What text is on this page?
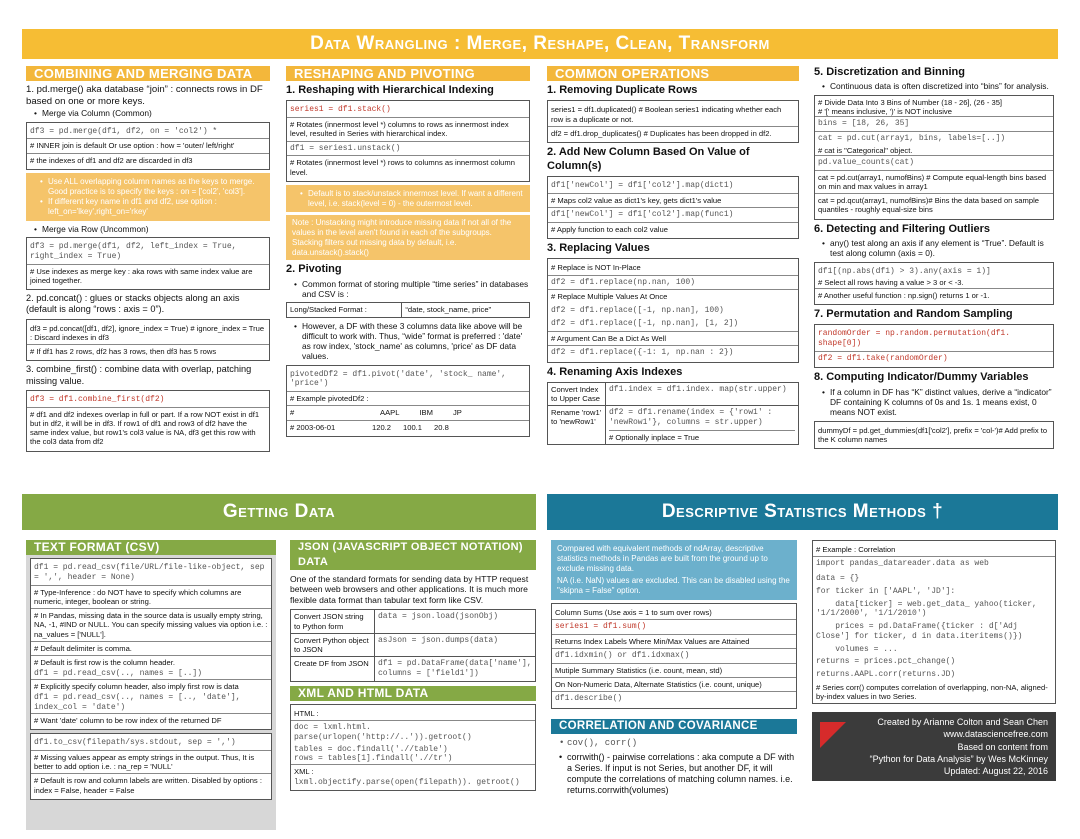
Data Wrangling : Merge, Reshape, Clean, Transform
COMBINING AND MERGING DATA

1. pd.merge() aka database “join” : connects rows in DF based on one or more keys.

• Merge via Column (Common)
df3 = pd.merge(df1, df2, on = 'col2') *
# INNER join is default Or use option : how = 'outer/ left/right'
# the indexes of df1 and df2 are discarded in df3
• Use ALL overlapping column names as the keys to merge. Good practice is to specify the keys : on = ['col2', 'col3'].
• If different key name in df1 and df2, use option : left_on='lkey',right_on='rkey'
• Merge via Row (Uncommon)
df3 = pd.merge(df1, df2, left_index = True, right_index = True)
# Use indexes as merge key : aka rows with same index value are joined together.

2. pd.concat() : glues or stacks objects along an axis (default is along “rows : axis = 0”).

df3 = pd.concat([df1, df2], ignore_index = True) # ignore_index = True : Discard indexes in df3
# If df1 has 2 rows, df2 has 3 rows, then df3 has 5 rows

3. combine_first() : combine data with overlap, patching missing value.

df3 = df1.combine_first(df2)
# df1 and df2 indexes overlap in full or part. If a row NOT exist in df1 but in df2, it will be in df3. If row1 of df1 and row3 of df2 have the same index value, but row1's col3 value is NA, df3 get this row with the col3 data from df2
RESHAPING AND PIVOTING
1. Reshaping with Hierarchical Indexing
series1 = df1.stack()
# Rotates (innermost level *) columns to rows as innermost index level, resulted in Series with hierarchical index.
df1 = series1.unstack()
# Rotates (innermost level *) rows to columns as innermost column level.
• Default is to stack/unstack innermost level. If want a different level, i.e. stack(level = 0) - the outermost level.
Note : Unstacking might introduce missing data if not all of the values in the level aren't found in each of the subgroups. Stacking filters out missing data by default, i.e. data.unstack().stack()
2. Pivoting
• Common format of storing multiple “time series” in databases and CSV is :
Long/Stacked Format :	“date, stock_name, price”
• However, a DF with these 3 columns data like above will be difficult to work with. Thus, “wide” format is preferred : 'date' as row index, 'stock_name' as columns, 'price' as DF data values.
pivotedDf2 = df1.pivot('date', 'stock_ name', 'price')
# Example pivotedDf2 :
#	AAPL	IBM	JP
# 2003-06-01	120.2 100.1 20.8
COMMON OPERATIONS
1. Removing Duplicate Rows
series1 = df1.duplicated() # Boolean series1 indicating whether each row is a duplicate or not.
df2 = df1.drop_duplicates() # Duplicates has been dropped in df2.
2. Add New Column Based On Value of Column(s)
df1['newCol'] = df1['col2'].map(dict1)
# Maps col2 value as dict1's key, gets dict1's value
df1['newCol'] = df1['col2'].map(func1)
# Apply function to each col2 value
3. Replacing Values
# Replace is NOT In-Place
df2 = df1.replace(np.nan, 100)
# Replace Multiple Values At Once
df2 = df1.replace([-1, np.nan], 100)
df2 = df1.replace([-1, np.nan], [1, 2])
# Argument Can Be a Dict As Well
df2 = df1.replace({-1: 1, np.nan : 2})
4. Renaming Axis Indexes
Convert Index to Upper Case	df1.index = df1.index. map(str.upper)
Rename 'row1' to 'newRow1'	df2 = df1.rename(index = {'row1' : 'newRow1'}, columns = str.upper)
# Optionally inplace = True
5. Discretization and Binning
• Continuous data is often discretized into “bins” for analysis.
# Divide Data Into 3 Bins of Number (18 - 26], (26 - 35]
# '[' means inclusive, ')' is NOT inclusive
bins = [18, 26, 35]
cat = pd.cut(array1, bins, labels=[..])
# cat is "Categorical" object.
pd.value_counts(cat)
cat = pd.cut(array1, numofBins) # Compute equal-length bins based on min and max values in array1
cat = pd.qcut(array1, numofBins)# Bins the data based on sample quantiles - roughly equal-size bins
6. Detecting and Filtering Outliers
• any() test along an axis if any element is “True”. Default is test along column (axis = 0).
df1[(np.abs(df1) > 3).any(axis = 1)]
# Select all rows having a value > 3 or < -3.
# Another useful function : np.sign() returns 1 or -1.
7. Permutation and Random Sampling
randomOrder = np.random.permutation(df1. shape[0])
df2 = df1.take(randomOrder)
8. Computing Indicator/Dummy Variables
• If a column in DF has “K” distinct values, derive a “indicator” DF containing K columns of 0s and 1s. 1 means exist, 0 means NOT exist.
dummyDf = pd.get_dummies(df1['col2'], prefix = 'col-')# Add prefix to the K column names
Getting Data
TEXT FORMAT (CSV)
df1 = pd.read_csv(file/URL/file-like-object, sep = ',', header = None)
# Type-Inference : do NOT have to specify which columns are numeric, integer, boolean or string.
# In Pandas, missing data in the source data is usually empty string, NA, -1, #IND or NULL. You can specify missing values via option i.e. : na_values = ['NULL'].
# Default delimiter is comma.
# Default is first row is the column header.
df1 = pd.read_csv(.., names = [..])
# Explicitly specify column header, also imply first row is data
df1 = pd.read_csv(.., names = [.., 'date'], index_col = 'date')
# Want 'date' column to be row index of the returned DF
df1.to_csv(filepath/sys.stdout, sep = ',')
# Missing values appear as empty strings in the output. Thus, It is better to add option i.e. : na_rep = 'NULL'
# Default is row and column labels are written. Disabled by options : index = False, header = False
JSON (JAVASCRIPT OBJECT NOTATION) DATA

One of the standard formats for sending data by HTTP request between web browsers and other applications. It is much more flexible data format than tabular text form like CSV.

Convert JSON string to Python form	data = json.load(jsonObj)
Convert Python object to JSON	asJson = json.dumps(data)
Create DF from JSON	df1 = pd.DataFrame(data['name'], columns = ['field1'])
XML AND HTML DATA
HTML :
doc = lxml.html. parse(urlopen('http://..')).getroot()
tables = doc.findall('.//table')
rows = tables[1].findall('.//tr')
XML :
lxml.objectify.parse(open(filepath)). getroot()
Descriptive Statistics Methods †

Compared with equivalent methods of ndArray, descriptive statistics methods in Pandas are built from the ground up to exclude missing data.

NA (i.e. NaN) values are excluded. This can be disabled using the "skipna = False" option.

Column Sums (Use axis = 1 to sum over rows)
series1 = df1.sum()
Returns Index Labels Where Min/Max Values are Attained
df1.idxmin() or df1.idxmax()
Mutiple Summary Statistics (i.e. count, mean, std)
On Non-Numeric Data, Alternate Statistics (i.e. count, unique)
df1.describe()
CORRELATION AND COVARIANCE
• cov(), corr()
• corrwith() - pairwise correlations : aka compute a DF with a Series. If input is not Series, but another DF, it will compute the correlations of matching column names. i.e. returns.corrwith(volumes)
# Example : Correlation
import pandas_datareader.data as web
data = {}
for ticker in ['AAPL', 'JD']:
data[ticker] = web.get_data_ yahoo(ticker, '1/1/2000', '1/1/2010')
prices = pd.DataFrame({ticker : d['Adj Close'] for ticker, d in data.iteritems()})
volumes = ...
returns = prices.pct_change()
returns.AAPL.corr(returns.JD)
# Series corr() computes correlation of overlapping, non-NA, aligned-by-index values in two Series.
Created by Arianne Colton and Sean Chen
www.datasciencefree.com
Based on content from
“Python for Data Analysis” by Wes McKinney
Updated: August 22, 2016
